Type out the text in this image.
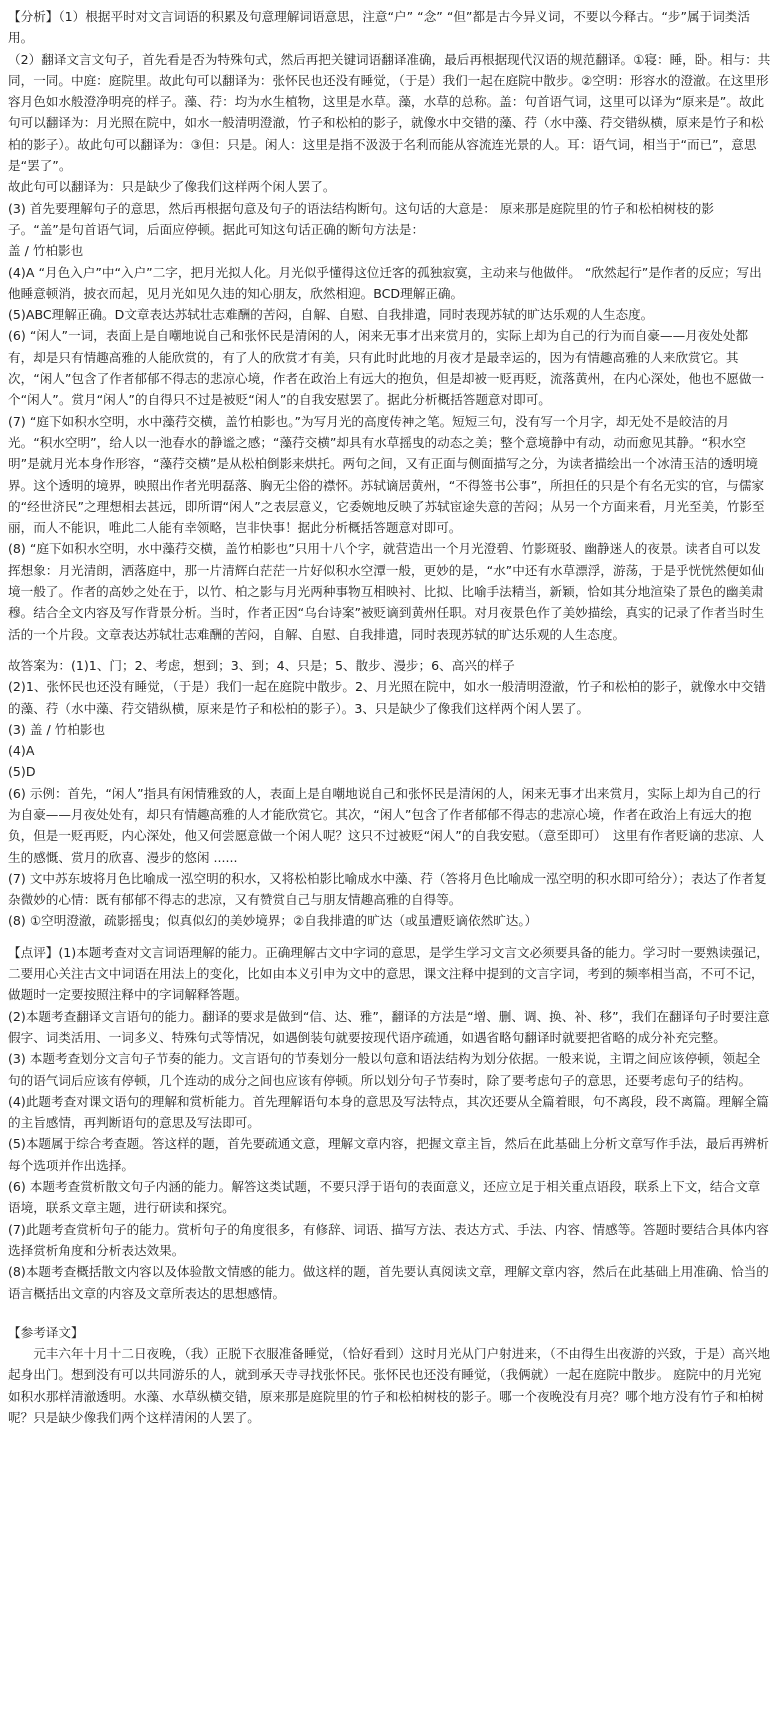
【分析】（1）根据平时对文言词语的积累及句意理解词语意思，注意“户” “念” “但”都是古今异义词，不要以今释古。“步”属于词类活用。

（2）翻译文言文句子，首先看是否为特殊句式，然后再把关键词语翻译准确，最后再根据现代汉语的规范翻译。①寝：睡，卧。相与：共同，一同。中庭：庭院里。故此句可以翻译为：张怀民也还没有睡觉，（于是）我们一起在庭院中散步。②空明：形容水的澄澈。在这里形容月色如水般澄净明亮的样子。藻、荇：均为水生植物，这里是水草。藻，水草的总称。盖：句首语气词，这里可以译为“原来是”。故此句可以翻译为：月光照在院中，如水一般清明澄澈，竹子和松柏的影子，就像水中交错的藻、荇（水中藻、荇交错纵横，原来是竹子和松柏的影子）。故此句可以翻译为：③但：只是。闲人：这里是指不汲汲于名利而能从容流连光景的人。耳：语气词，相当于“而已”，意思是“罢了”。

故此句可以翻译为：只是缺少了像我们这样两个闲人罢了。

(3) 首先要理解句子的意思，然后再根据句意及句子的语法结构断句。这句话的大意是： 原来那是庭院里的竹子和松柏树枝的影子。“盖”是句首语气词，后面应停顿。据此可知这句话正确的断句方法是：

盖 / 竹柏影也

(4)A “月色入户”中“入户”二字，把月光拟人化。月光似乎懂得这位迁客的孤独寂寞，主动来与他做伴。 “欣然起行”是作者的反应；写出他睡意顿消，披衣而起，见月光如见久违的知心朋友，欣然相迎。BCD理解正确。

(5)ABC理解正确。D文章表达苏轼壮志难酬的苦闷，自解、自慰、自我排遣，同时表现苏轼的旷达乐观的人生态度。

(6) “闲人”一词，表面上是自嘲地说自己和张怀民是清闲的人，闲来无事才出来赏月的，实际上却为自己的行为而自豪——月夜处处都有，却是只有情趣高雅的人能欣赏的，有了人的欣赏才有美，只有此时此地的月夜才是最幸运的，因为有情趣高雅的人来欣赏它。其次，“闲人”包含了作者郁郁不得志的悲凉心境，作者在政治上有远大的抱负，但是却被一贬再贬，流落黄州，在内心深处，他也不愿做一个“闲人”。赏月“闲人”的自得只不过是被贬“闲人”的自我安慰罢了。据此分析概括答题意对即可。

(7) “庭下如积水空明，水中藻荇交横，盖竹柏影也。”为写月光的高度传神之笔。短短三句，没有写一个月字，却无处不是皎洁的月光。“积水空明”，给人以一池春水的静谧之感；“藻荇交横”却具有水草摇曳的动态之美；整个意境静中有动，动而愈见其静。“积水空明”是就月光本身作形容，“藻荇交横”是从松柏倒影来烘托。两句之间，又有正面与侧面描写之分，为读者描绘出一个冰清玉洁的透明境界。这个透明的境界，映照出作者光明磊落、胸无尘俗的襟怀。苏轼谪居黄州，“不得签书公事”，所担任的只是个有名无实的官，与儒家的“经世济民”之理想相去甚远，即所谓“闲人”之表层意义，它委婉地反映了苏轼宦途失意的苦闷；从另一个方面来看，月光至美，竹影至丽，而人不能识，唯此二人能有幸领略，岂非快事！据此分析概括答题意对即可。

(8) “庭下如积水空明，水中藻荇交横，盖竹柏影也”只用十八个字，就营造出一个月光澄碧、竹影斑驳、幽静迷人的夜景。读者自可以发挥想象：月光清朗，洒落庭中，那一片清辉白茫茫一片好似积水空潭一般，更妙的是，“水”中还有水草漂浮，游荡，于是乎恍恍然便如仙境一般了。作者的高妙之处在于，以竹、柏之影与月光两种事物互相映衬、比拟、比喻手法精当，新颖，恰如其分地渲染了景色的幽美肃穆。结合全文内容及写作背景分析。当时，作者正因“乌台诗案”被贬谪到黄州任职。对月夜景色作了美妙描绘，真实的记录了作者当时生活的一个片段。文章表达苏轼壮志难酬的苦闷，自解、自慰、自我排遣，同时表现苏轼的旷达乐观的人生态度。

故答案为：(1)1、门；2、考虑，想到；3、到；4、只是；5、散步、漫步；6、高兴的样子

(2)1、张怀民也还没有睡觉，（于是）我们一起在庭院中散步。2、月光照在院中，如水一般清明澄澈，竹子和松柏的影子，就像水中交错的藻、荇（水中藻、荇交错纵横，原来是竹子和松柏的影子）。3、只是缺少了像我们这样两个闲人罢了。

(3) 盖 / 竹柏影也

(4)A

(5)D

(6) 示例：首先，“闲人”指具有闲情雅致的人，表面上是自嘲地说自己和张怀民是清闲的人，闲来无事才出来赏月，实际上却为自己的行为自豪——月夜处处有，却只有情趣高雅的人才能欣赏它。其次，“闲人”包含了作者郁郁不得志的悲凉心境，作者在政治上有远大的抱负，但是一贬再贬，内心深处，他又何尝愿意做一个闲人呢？这只不过被贬“闲人”的自我安慰。（意至即可）　这里有作者贬谪的悲凉、人生的感慨、赏月的欣喜、漫步的悠闲 ......

(7) 文中苏东坡将月色比喻成一泓空明的积水，又将松柏影比喻成水中藻、荇（答将月色比喻成一泓空明的积水即可给分）；表达了作者复杂微妙的心情：既有郁郁不得志的悲凉，又有赞赏自己与朋友情趣高雅的自得等。

(8) ①空明澄澈，疏影摇曳；似真似幻的美妙境界；②自我排遣的旷达（或虽遭贬谪依然旷达。）

【点评】(1)本题考查对文言词语理解的能力。正确理解古文中字词的意思，是学生学习文言文必须要具备的能力。学习时一要熟读强记，二要用心关注古文中词语在用法上的变化，比如由本义引申为文中的意思，课文注释中提到的文言字词，考到的频率相当高，不可不记，做题时一定要按照注释中的字词解释答题。

(2)本题考查翻译文言语句的能力。翻译的要求是做到“信、达、雅”，翻译的方法是“增、删、调、换、补、移”，我们在翻译句子时要注意假字、词类活用、一词多义、特殊句式等情况，如遇倒装句就要按现代语序疏通，如遇省略句翻译时就要把省略的成分补充完整。

(3) 本题考查划分文言句子节奏的能力。文言语句的节奏划分一般以句意和语法结构为划分依据。一般来说，主谓之间应该停顿，领起全句的语气词后应该有停顿，几个连动的成分之间也应该有停顿。所以划分句子节奏时，除了要考虑句子的意思，还要考虑句子的结构。

(4)此题考查对课文语句的理解和赏析能力。首先理解语句本身的意思及写法特点，其次还要从全篇着眼，句不离段，段不离篇。理解全篇的主旨感情，再判断语句的意思及写法即可。

(5)本题属于综合考查题。答这样的题，首先要疏通文意，理解文章内容，把握文章主旨，然后在此基础上分析文章写作手法，最后再辨析每个选项并作出选择。

(6) 本题考查赏析散文句子内涵的能力。解答这类试题，不要只浮于语句的表面意义，还应立足于相关重点语段，联系上下文，结合文章语境，联系文章主题，进行研读和探究。

(7)此题考查赏析句子的能力。赏析句子的角度很多，有修辞、词语、描写方法、表达方式、手法、内容、情感等。答题时要结合具体内容选择赏析角度和分析表达效果。

(8)本题考查概括散文内容以及体验散文情感的能力。做这样的题，首先要认真阅读文章，理解文章内容，然后在此基础上用准确、恰当的语言概括出文章的内容及文章所表达的思想感情。

【参考译文】

元丰六年十月十二日夜晚，（我）正脱下衣服准备睡觉，（恰好看到）这时月光从门户射进来，（不由得生出夜游的兴致，于是）高兴地起身出门。想到没有可以共同游乐的人，就到承天寺寻找张怀民。张怀民也还没有睡觉，（我俩就）一起在庭院中散步。 庭院中的月光宛如积水那样清澈透明。水藻、水草纵横交错，原来那是庭院里的竹子和松柏树枝的影子。哪一个夜晚没有月亮？哪个地方没有竹子和柏树呢？只是缺少像我们两个这样清闲的人罢了。
